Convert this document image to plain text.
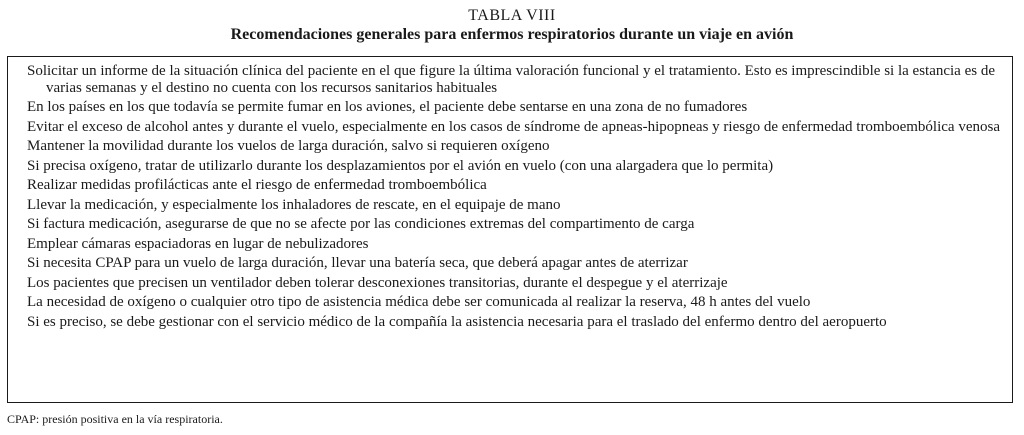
TABLA VIII
Recomendaciones generales para enfermos respiratorios durante un viaje en avión
Solicitar un informe de la situación clínica del paciente en el que figure la última valoración funcional y el tratamiento. Esto es imprescindible si la estancia es de varias semanas y el destino no cuenta con los recursos sanitarios habituales
En los países en los que todavía se permite fumar en los aviones, el paciente debe sentarse en una zona de no fumadores
Evitar el exceso de alcohol antes y durante el vuelo, especialmente en los casos de síndrome de apneas-hipopneas y riesgo de enfermedad tromboembólica venosa
Mantener la movilidad durante los vuelos de larga duración, salvo si requieren oxígeno
Si precisa oxígeno, tratar de utilizarlo durante los desplazamientos por el avión en vuelo (con una alargadera que lo permita)
Realizar medidas profilácticas ante el riesgo de enfermedad tromboembólica
Llevar la medicación, y especialmente los inhaladores de rescate, en el equipaje de mano
Si factura medicación, asegurarse de que no se afecte por las condiciones extremas del compartimento de carga
Emplear cámaras espaciadoras en lugar de nebulizadores
Si necesita CPAP para un vuelo de larga duración, llevar una batería seca, que deberá apagar antes de aterrizar
Los pacientes que precisen un ventilador deben tolerar desconexiones transitorias, durante el despegue y el aterrizaje
La necesidad de oxígeno o cualquier otro tipo de asistencia médica debe ser comunicada al realizar la reserva, 48 h antes del vuelo
Si es preciso, se debe gestionar con el servicio médico de la compañía la asistencia necesaria para el traslado del enfermo dentro del aeropuerto
CPAP: presión positiva en la vía respiratoria.
